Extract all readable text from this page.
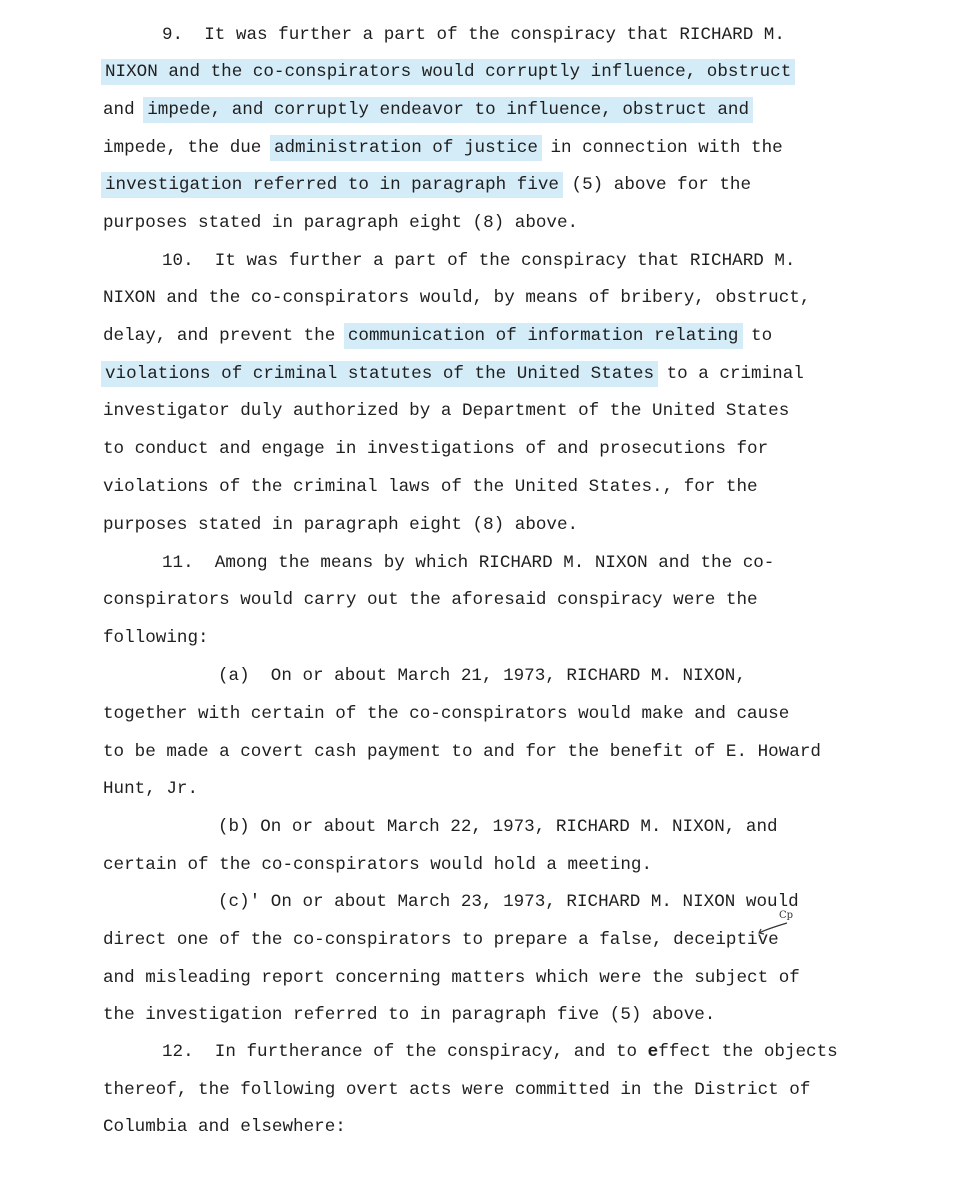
9.  It was further a part of the conspiracy that RICHARD M.
NIXON and the co-conspirators would corruptly influence, obstruct
and impede, and corruptly endeavor to influence, obstruct and
impede, the due administration of justice in connection with the
investigation referred to in paragraph five (5) above for the
purposes stated in paragraph eight (8) above.
10.  It was further a part of the conspiracy that RICHARD M.
NIXON and the co-conspirators would, by means of bribery, obstruct,
delay, and prevent the communication of information relating to
violations of criminal statutes of the United States to a criminal
investigator duly authorized by a Department of the United States
to conduct and engage in investigations of and prosecutions for
violations of the criminal laws of the United States., for the
purposes stated in paragraph eight (8) above.
11.  Among the means by which RICHARD M. NIXON and the co-
conspirators would carry out the aforesaid conspiracy were the
following:
(a)  On or about March 21, 1973, RICHARD M. NIXON,
together with certain of the co-conspirators would make and cause
to be made a covert cash payment to and for the benefit of E. Howard
Hunt, Jr.
(b) On or about March 22, 1973, RICHARD M. NIXON, and
certain of the co-conspirators would hold a meeting.
(c)' On or about March 23, 1973, RICHARD M. NIXON would
direct one of the co-conspirators to prepare a false, deceiptive
and misleading report concerning matters which were the subject of
the investigation referred to in paragraph five (5) above.
12.  In furtherance of the conspiracy, and to effect the objects
thereof, the following overt acts were committed in the District of
Columbia and elsewhere:
Cp
